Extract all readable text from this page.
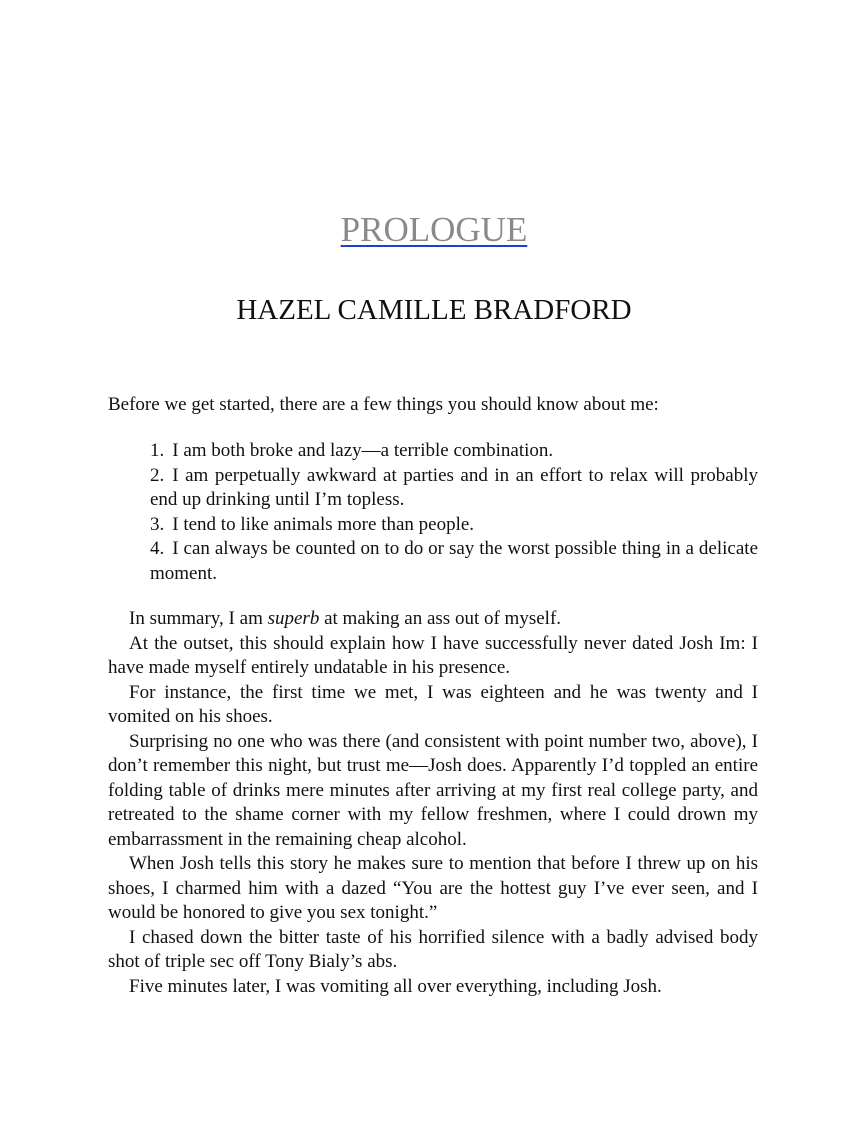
PROLOGUE
HAZEL CAMILLE BRADFORD
Before we get started, there are a few things you should know about me:
1. I am both broke and lazy—a terrible combination.
2. I am perpetually awkward at parties and in an effort to relax will probably end up drinking until I’m topless.
3. I tend to like animals more than people.
4. I can always be counted on to do or say the worst possible thing in a delicate moment.

In summary, I am superb at making an ass out of myself.

At the outset, this should explain how I have successfully never dated Josh Im: I have made myself entirely undatable in his presence.

For instance, the first time we met, I was eighteen and he was twenty and I vomited on his shoes.

Surprising no one who was there (and consistent with point number two, above), I don’t remember this night, but trust me—Josh does. Apparently I’d toppled an entire folding table of drinks mere minutes after arriving at my first real college party, and retreated to the shame corner with my fellow freshmen, where I could drown my embarrassment in the remaining cheap alcohol.

When Josh tells this story he makes sure to mention that before I threw up on his shoes, I charmed him with a dazed “You are the hottest guy I’ve ever seen, and I would be honored to give you sex tonight.”

I chased down the bitter taste of his horrified silence with a badly advised body shot of triple sec off Tony Bialy’s abs.

Five minutes later, I was vomiting all over everything, including Josh.
